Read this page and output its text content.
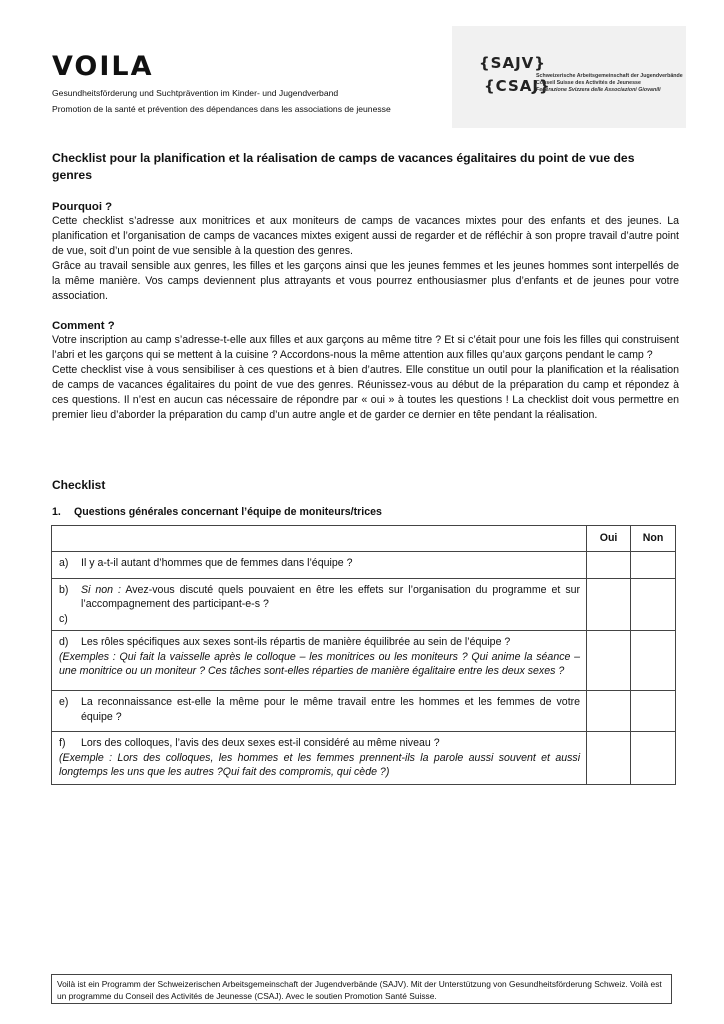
VOILA
Gesundheitsförderung und Suchtprävention im Kinder- und Jugendverband
Promotion de la santé et prévention des dépendances dans les associations de jeunesse
{SAJV}
{CSAJ}
Schweizerische Arbeitsgemeinschaft der Jugendverbände
Conseil Suisse des Activités de Jeunesse
Federazione Svizzera delle Associazioni Giovanili
Checklist pour la planification et la réalisation de camps de vacances égalitaires du point de vue des genres
Pourquoi ?

Cette checklist s’adresse aux monitrices et aux moniteurs de camps de vacances mixtes pour des enfants et des jeunes. La planification et l’organisation de camps de vacances mixtes exigent aussi de regarder et de réfléchir à son propre travail d’autre point de vue, soit d’un point de vue sensible à la question des genres.

Grâce au travail sensible aux genres, les filles et les garçons ainsi que les jeunes femmes et les jeunes hommes sont interpellés de la même manière. Vos camps deviennent plus attrayants et vous pourrez enthousiasmer plus d’enfants et de jeunes pour votre association.

Comment ?

Votre inscription au camp s’adresse-t-elle aux filles et aux garçons au même titre ? Et si c’était pour une fois les filles qui construisent l’abri et les garçons qui se mettent à la cuisine ? Accordons-nous la même attention aux filles qu’aux garçons pendant le camp ?

Cette checklist vise à vous sensibiliser à ces questions et à bien d’autres. Elle constitue un outil pour la planification et la réalisation de camps de vacances égalitaires du point de vue des genres. Réunissez-vous au début de la préparation du camp et répondez à ces questions. Il n’est en aucun cas nécessaire de répondre par « oui » à toutes les questions ! La checklist doit vous permettre en premier lieu d’aborder la préparation du camp d’un autre angle et de garder ce dernier en tête pendant la réalisation.

Checklist
1. Questions générales concernant l’équipe de moniteurs/trices
	Oui	Non

a) Il y a-t-il autant d’hommes que de femmes dans l’équipe ?		

b) Si non : Avez-vous discuté quels pouvaient en être les effets sur l’organisation du programme et sur l’accompagnement des participant-e-s ?
c)		

d) Les rôles spécifiques aux sexes sont-ils répartis de manière équilibrée au sein de l’équipe ?
(Exemples : Qui fait la vaisselle après le colloque – les monitrices ou les moniteurs ? Qui anime la séance – une monitrice ou un moniteur ? Ces tâches sont-elles réparties de manière égalitaire entre les deux sexes ?		

e) La reconnaissance est-elle la même pour le même travail entre les hommes et les femmes de votre équipe ?		

f) Lors des colloques, l’avis des deux sexes est-il considéré au même niveau ?
(Exemple : Lors des colloques, les hommes et les femmes prennent-ils la parole aussi souvent et aussi longtemps les uns que les autres ?Qui fait des compromis, qui cède ?)		

Voilà ist ein Programm der Schweizerischen Arbeitsgemeinschaft der Jugendverbände (SAJV). Mit der Unterstützung von Gesundheitsförderung Schweiz. Voilà est un programme du Conseil des Activités de Jeunesse (CSAJ). Avec le soutien Promotion Santé Suisse.
